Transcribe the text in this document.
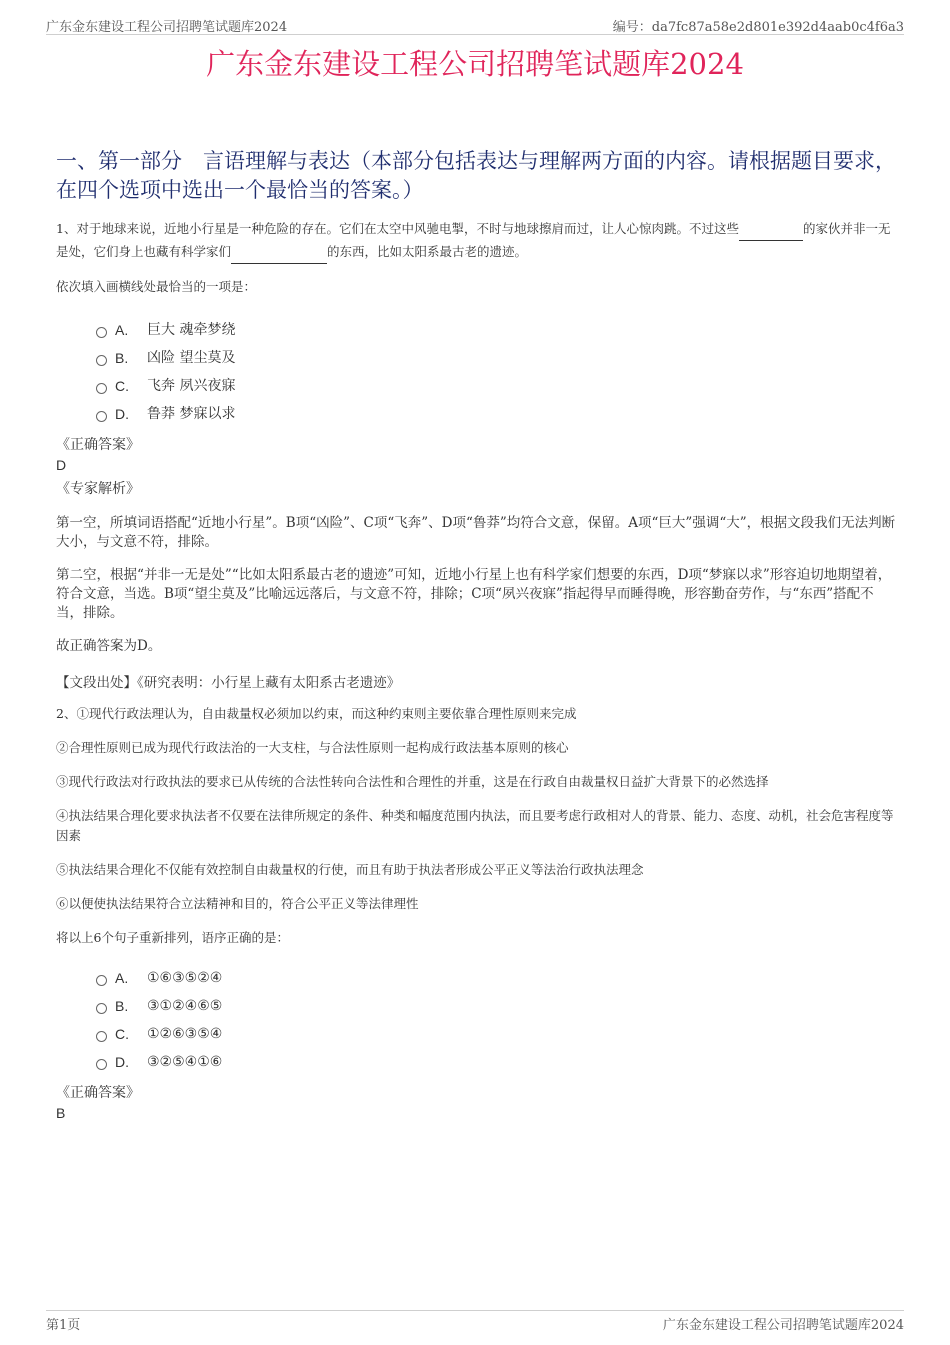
广东金东建设工程公司招聘笔试题库2024	编号：da7fc87a58e2d801e392d4aab0c4f6a3
广东金东建设工程公司招聘笔试题库2024
一、第一部分　言语理解与表达（本部分包括表达与理解两方面的内容。请根据题目要求，在四个选项中选出一个最恰当的答案。）

1、对于地球来说，近地小行星是一种危险的存在。它们在太空中风驰电掣，不时与地球擦肩而过，让人心惊肉跳。不过这些	的家伙并非一无是处，它们身上也藏有科学家们	的东西，比如太阳系最古老的遗迹。

依次填入画横线处最恰当的一项是：

A.	巨大 魂牵梦绕
B.	凶险 望尘莫及
C.	飞奔 夙兴夜寐
D.	鲁莽 梦寐以求
《正确答案》
D
《专家解析》

第一空，所填词语搭配“近地小行星”。B项“凶险”、C项“飞奔”、D项“鲁莽”均符合文意，保留。A项“巨大”强调“大”，根据文段我们无法判断大小，与文意不符，排除。

第二空，根据“并非一无是处”“比如太阳系最古老的遗迹”可知，近地小行星上也有科学家们想要的东西，D项“梦寐以求”形容迫切地期望着，符合文意，当选。B项“望尘莫及”比喻远远落后，与文意不符，排除；C项“夙兴夜寐”指起得早而睡得晚，形容勤奋劳作，与“东西”搭配不当，排除。

故正确答案为D。

【文段出处】《研究表明：小行星上藏有太阳系古老遗迹》

2、①现代行政法理认为，自由裁量权必须加以约束，而这种约束则主要依靠合理性原则来完成
②合理性原则已成为现代行政法治的一大支柱，与合法性原则一起构成行政法基本原则的核心
③现代行政法对行政执法的要求已从传统的合法性转向合法性和合理性的并重，这是在行政自由裁量权日益扩大背景下的必然选择
④执法结果合理化要求执法者不仅要在法律所规定的条件、种类和幅度范围内执法，而且要考虑行政相对人的背景、能力、态度、动机，社会危害程度等因素
⑤执法结果合理化不仅能有效控制自由裁量权的行使，而且有助于执法者形成公平正义等法治行政执法理念
⑥以便使执法结果符合立法精神和目的，符合公平正义等法律理性
将以上6个句子重新排列，语序正确的是：
A.	①⑥③⑤②④
B.	③①②④⑥⑤
C.	①②⑥③⑤④
D.	③②⑤④①⑥
《正确答案》
B
第1页	广东金东建设工程公司招聘笔试题库2024
